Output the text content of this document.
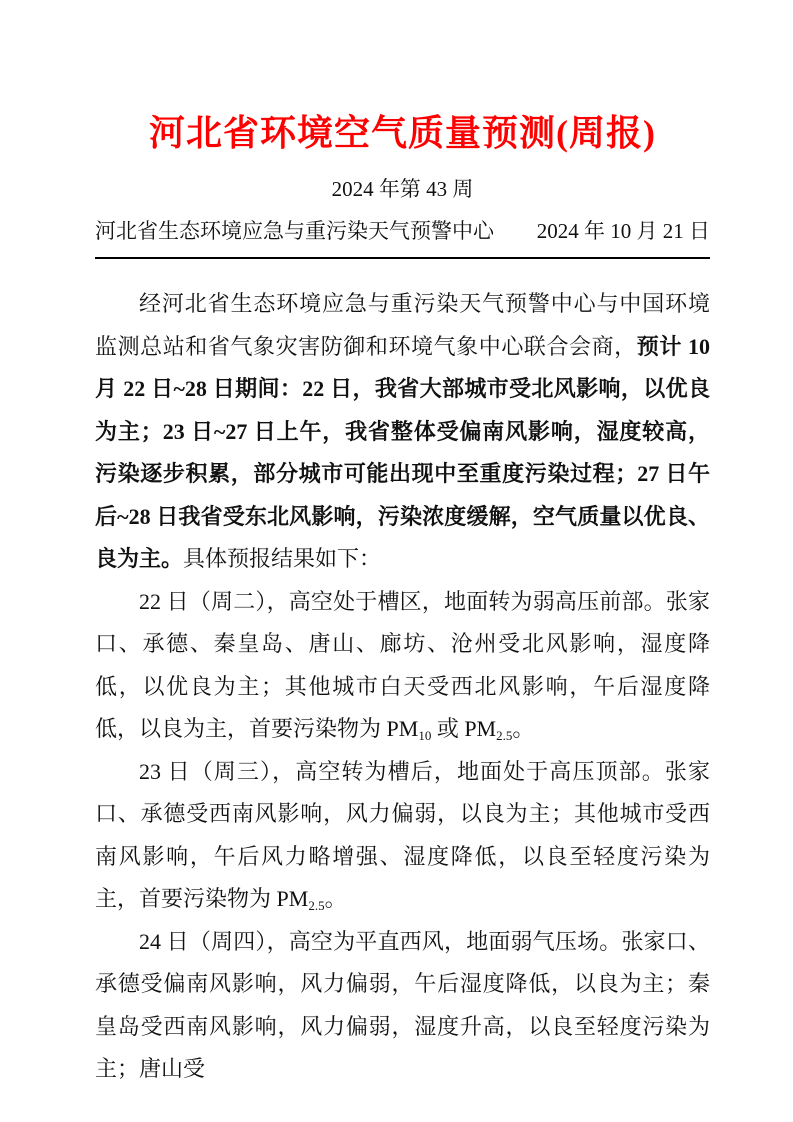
河北省环境空气质量预测(周报)
2024 年第 43 周
河北省生态环境应急与重污染天气预警中心 2024 年 10 月 21 日

经河北省生态环境应急与重污染天气预警中心与中国环境监测总站和省气象灾害防御和环境气象中心联合会商，预计 10 月 22 日~28 日期间：22 日，我省大部城市受北风影响，以优良为主；23 日~27 日上午，我省整体受偏南风影响，湿度较高，污染逐步积累，部分城市可能出现中至重度污染过程；27 日午后~28 日我省受东北风影响，污染浓度缓解，空气质量以优良、良为主。具体预报结果如下：

22 日（周二），高空处于槽区，地面转为弱高压前部。张家口、承德、秦皇岛、唐山、廊坊、沧州受北风影响，湿度降低，以优良为主；其他城市白天受西北风影响，午后湿度降低，以良为主，首要污染物为 $PM_{10}$ 或 $PM_{2.5}$。

23 日（周三），高空转为槽后，地面处于高压顶部。张家口、承德受西南风影响，风力偏弱，以良为主；其他城市受西南风影响，午后风力略增强、湿度降低，以良至轻度污染为主，首要污染物为 $PM_{2.5}$。

24 日（周四），高空为平直西风，地面弱气压场。张家口、承德受偏南风影响，风力偏弱，午后湿度降低，以良为主；秦皇岛受西南风影响，风力偏弱，湿度升高，以良至轻度污染为主；唐山受
